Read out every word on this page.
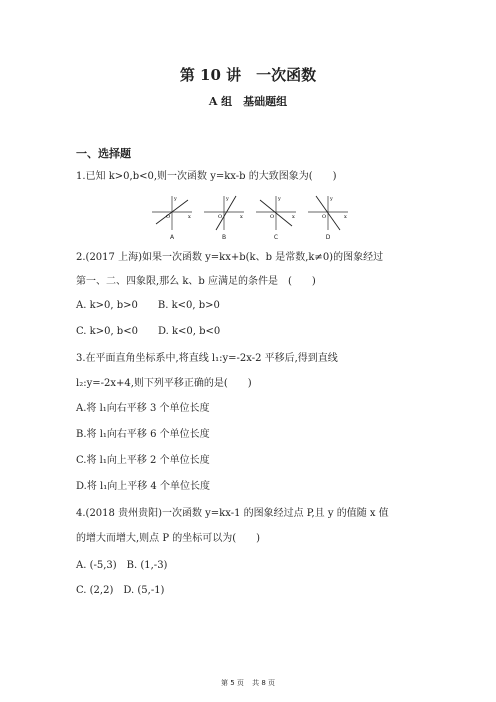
第 10 讲　一次函数
A 组　基础题组
一、选择题
1.已知 k>0,b<0,则一次函数 y=kx-b 的大致图象为(　　)
y
O	x
A
y
O	x
B
y
O	x
C
y
O	x
D
2.(2017 上海)如果一次函数 y=kx+b(k、b 是常数,k≠0)的图象经过
第一、二、四象限,那么 k、b 应满足的条件是　(　　)
A. k>0, b>0　　B. k<0, b>0
C. k>0, b<0　　D. k<0, b<0
3.在平面直角坐标系中,将直线 l₁:y=-2x-2 平移后,得到直线
l₂:y=-2x+4,则下列平移正确的是(　　)
A.将 l₁向右平移 3 个单位长度
B.将 l₁向右平移 6 个单位长度
C.将 l₁向上平移 2 个单位长度
D.将 l₁向上平移 4 个单位长度
4.(2018 贵州贵阳)一次函数 y=kx-1 的图象经过点 P,且 y 的值随 x 值
的增大而增大,则点 P 的坐标可以为(　　)
A. (-5,3)　B. (1,-3)
C. (2,2)　D. (5,-1)
第 5 页 共 8 页
